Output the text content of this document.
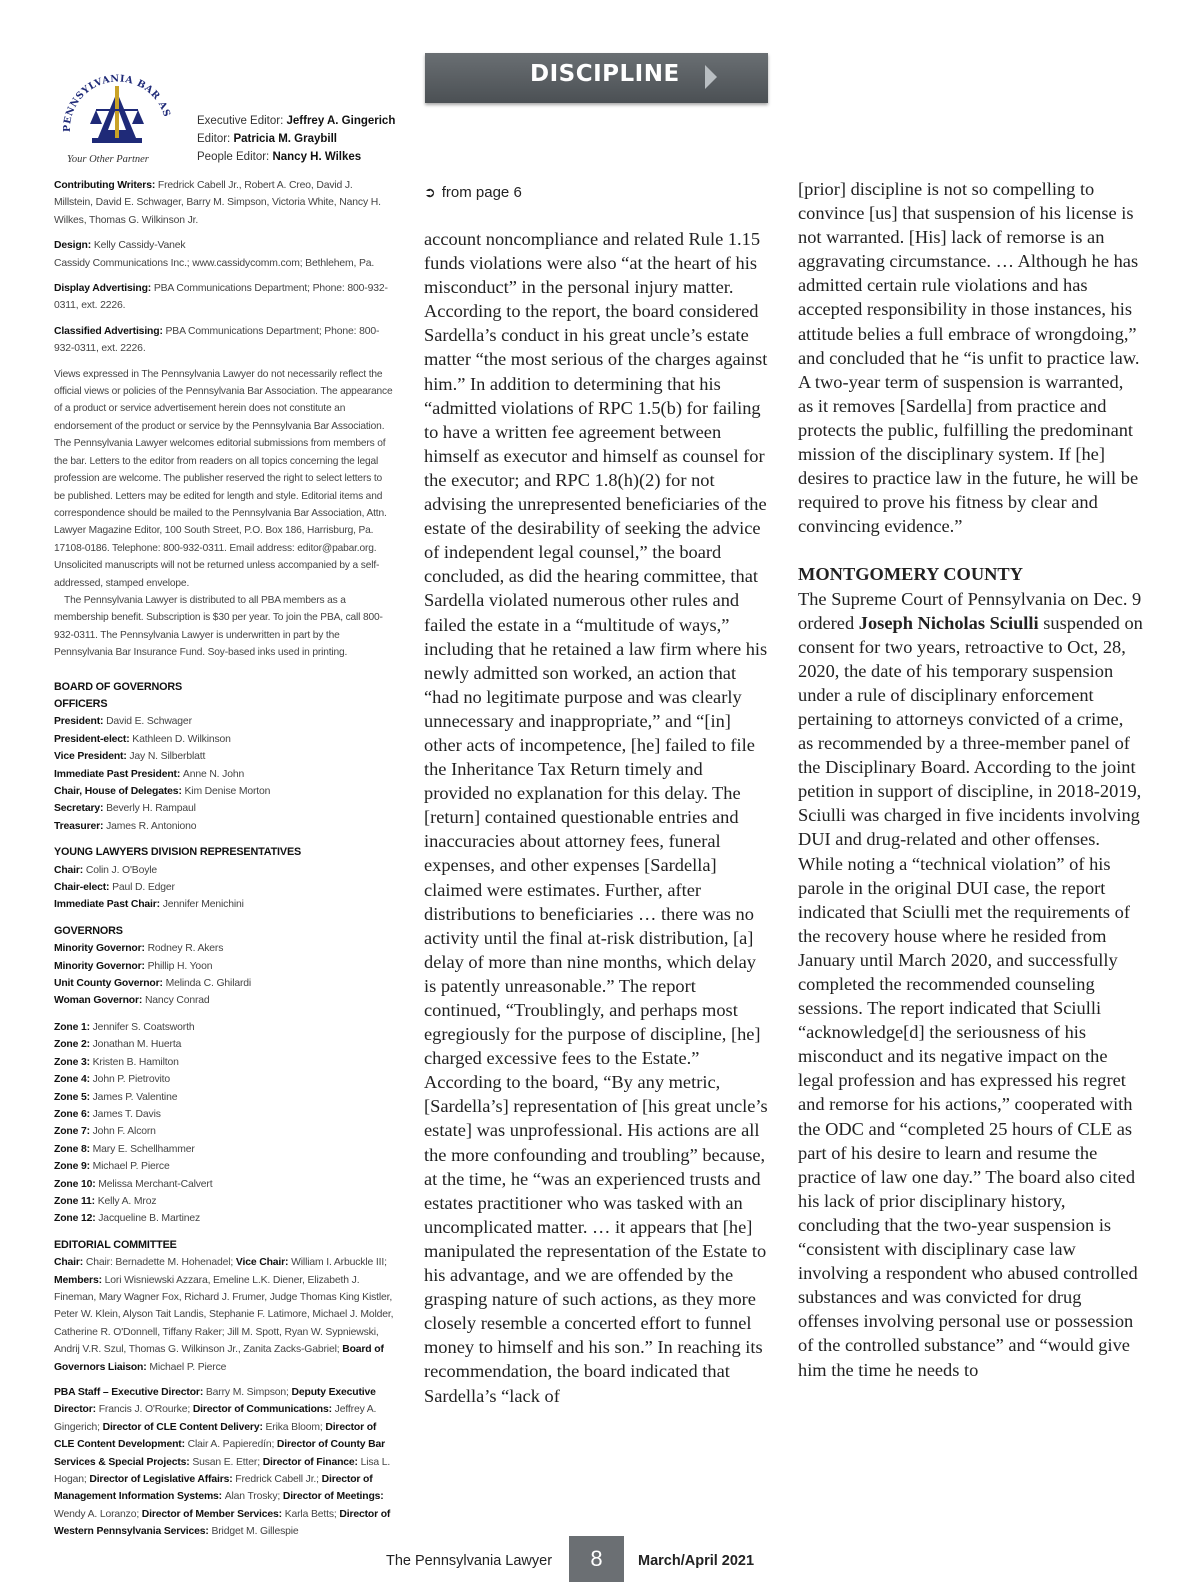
DISCIPLINE
PENNSYLVANIA BAR AS
Your Other Partner
Executive Editor: Jeffrey A. Gingerich
Editor: Patricia M. Graybill
People Editor: Nancy H. Wilkes

Contributing Writers: Fredrick Cabell Jr., Robert A. Creo, David J. Millstein, David E. Schwager, Barry M. Simpson, Victoria White, Nancy H. Wilkes, Thomas G. Wilkinson Jr.

Design: Kelly Cassidy-Vanek
Cassidy Communications Inc.; www.cassidycomm.com; Bethlehem, Pa.

Display Advertising: PBA Communications Department; Phone: 800-932-0311, ext. 2226.

Classified Advertising: PBA Communications Department; Phone: 800-932-0311, ext. 2226.

Views expressed in The Pennsylvania Lawyer do not necessarily reflect the official views or policies of the Pennsylvania Bar Association. The appearance of a product or service advertisement herein does not constitute an endorsement of the product or service by the Pennsylvania Bar Association. The Pennsylvania Lawyer welcomes editorial submissions from members of the bar. Letters to the editor from readers on all topics concerning the legal profession are welcome. The publisher reserved the right to select letters to be published. Letters may be edited for length and style. Editorial items and correspondence should be mailed to the Pennsylvania Bar Association, Attn. Lawyer Magazine Editor, 100 South Street, P.O. Box 186, Harrisburg, Pa. 17108-0186. Telephone: 800-932-0311. Email address: editor@pabar.org. Unsolicited manuscripts will not be returned unless accompanied by a self-addressed, stamped envelope.

The Pennsylvania Lawyer is distributed to all PBA members as a membership benefit. Subscription is $30 per year. To join the PBA, call 800-932-0311. The Pennsylvania Lawyer is underwritten in part by the Pennsylvania Bar Insurance Fund. Soy-based inks used in printing.

BOARD OF GOVERNORS
OFFICERS
President: David E. Schwager
President-elect: Kathleen D. Wilkinson
Vice President: Jay N. Silberblatt
Immediate Past President: Anne N. John
Chair, House of Delegates: Kim Denise Morton
Secretary: Beverly H. Rampaul
Treasurer: James R. Antoniono
YOUNG LAWYERS DIVISION REPRESENTATIVES
Chair: Colin J. O'Boyle
Chair-elect: Paul D. Edger
Immediate Past Chair: Jennifer Menichini
GOVERNORS
Minority Governor: Rodney R. Akers
Minority Governor: Phillip H. Yoon
Unit County Governor: Melinda C. Ghilardi
Woman Governor: Nancy Conrad
Zone 1: Jennifer S. Coatsworth
Zone 2: Jonathan M. Huerta
Zone 3: Kristen B. Hamilton
Zone 4: John P. Pietrovito
Zone 5: James P. Valentine
Zone 6: James T. Davis
Zone 7: John F. Alcorn
Zone 8: Mary E. Schellhammer
Zone 9: Michael P. Pierce
Zone 10: Melissa Merchant-Calvert
Zone 11: Kelly A. Mroz
Zone 12: Jacqueline B. Martinez
EDITORIAL COMMITTEE

Chair: Chair: Bernadette M. Hohenadel; Vice Chair: William I. Arbuckle III; Members: Lori Wisniewski Azzara, Emeline L.K. Diener, Elizabeth J. Fineman, Mary Wagner Fox, Richard J. Frumer, Judge Thomas King Kistler, Peter W. Klein, Alyson Tait Landis, Stephanie F. Latimore, Michael J. Molder, Catherine R. O'Donnell, Tiffany Raker; Jill M. Spott, Ryan W. Sypniewski, Andrij V.R. Szul, Thomas G. Wilkinson Jr., Zanita Zacks-Gabriel; Board of Governors Liaison: Michael P. Pierce

PBA Staff – Executive Director: Barry M. Simpson; Deputy Executive Director: Francis J. O'Rourke; Director of Communications: Jeffrey A. Gingerich; Director of CLE Content Delivery: Erika Bloom; Director of CLE Content Development: Clair A. Papieredín; Director of County Bar Services & Special Projects: Susan E. Etter; Director of Finance: Lisa L. Hogan; Director of Legislative Affairs: Fredrick Cabell Jr.; Director of Management Information Systems: Alan Trosky; Director of Meetings: Wendy A. Loranzo; Director of Member Services: Karla Betts; Director of Western Pennsylvania Services: Bridget M. Gillespie

➲ from page 6
account noncompliance and related Rule 1.15 funds violations were also “at the heart of his misconduct” in the personal injury matter. According to the report, the board considered Sardella’s conduct in his great uncle’s estate matter “the most serious of the charges against him.” In addition to determining that his “admitted violations of RPC 1.5(b) for failing to have a written fee agreement between himself as executor and himself as counsel for the executor; and RPC 1.8(h)(2) for not advising the unrepresented beneficiaries of the estate of the desirability of seeking the advice of independent legal counsel,” the board concluded, as did the hearing committee, that Sardella violated numerous other rules and failed the estate in a “multitude of ways,” including that he retained a law firm where his newly admitted son worked, an action that “had no legitimate purpose and was clearly unnecessary and inappropriate,” and “[in] other acts of incompetence, [he] failed to file the Inheritance Tax Return timely and provided no explanation for this delay. The [return] contained questionable entries and inaccuracies about attorney fees, funeral expenses, and other expenses [Sardella] claimed were estimates. Further, after distributions to beneficiaries … there was no activity until the final at-risk distribution, [a] delay of more than nine months, which delay is patently unreasonable.” The report continued, “Troublingly, and perhaps most egregiously for the purpose of discipline, [he] charged excessive fees to the Estate.” According to the board, “By any metric, [Sardella’s] representation of [his great uncle’s estate] was unprofessional. His actions are all the more confounding and troubling” because, at the time, he “was an experienced trusts and estates practitioner who was tasked with an uncomplicated matter. … it appears that [he] manipulated the representation of the Estate to his advantage, and we are offended by the grasping nature of such actions, as they more closely resemble a concerted effort to funnel money to himself and his son.” In reaching its recommendation, the board indicated that Sardella’s “lack of
[prior] discipline is not so compelling to convince [us] that suspension of his license is not warranted. [His] lack of remorse is an aggravating circumstance. … Although he has admitted certain rule violations and has accepted responsibility in those instances, his attitude belies a full embrace of wrongdoing,” and concluded that he “is unfit to practice law. A two-year term of suspension is warranted, as it removes [Sardella] from practice and protects the public, fulfilling the predominant mission of the disciplinary system. If [he] desires to practice law in the future, he will be required to prove his fitness by clear and convincing evidence.”
MONTGOMERY COUNTY
The Supreme Court of Pennsylvania on Dec. 9 ordered Joseph Nicholas Sciulli suspended on consent for two years, retroactive to Oct, 28, 2020, the date of his temporary suspension under a rule of disciplinary enforcement pertaining to attorneys convicted of a crime, as recommended by a three-member panel of the Disciplinary Board. According to the joint petition in support of discipline, in 2018-2019, Sciulli was charged in five incidents involving DUI and drug-related and other offenses. While noting a “technical violation” of his parole in the original DUI case, the report indicated that Sciulli met the requirements of the recovery house where he resided from January until March 2020, and successfully completed the recommended counseling sessions. The report indicated that Sciulli “acknowledge[d] the seriousness of his misconduct and its negative impact on the legal profession and has expressed his regret and remorse for his actions,” cooperated with the ODC and “completed 25 hours of CLE as part of his desire to learn and resume the practice of law one day.” The board also cited his lack of prior disciplinary history, concluding that the two-year suspension is “consistent with disciplinary case law involving a respondent who abused controlled substances and was convicted for drug offenses involving personal use or possession of the controlled substance” and “would give him the time he needs to
The Pennsylvania Lawyer	8	March/April 2021
